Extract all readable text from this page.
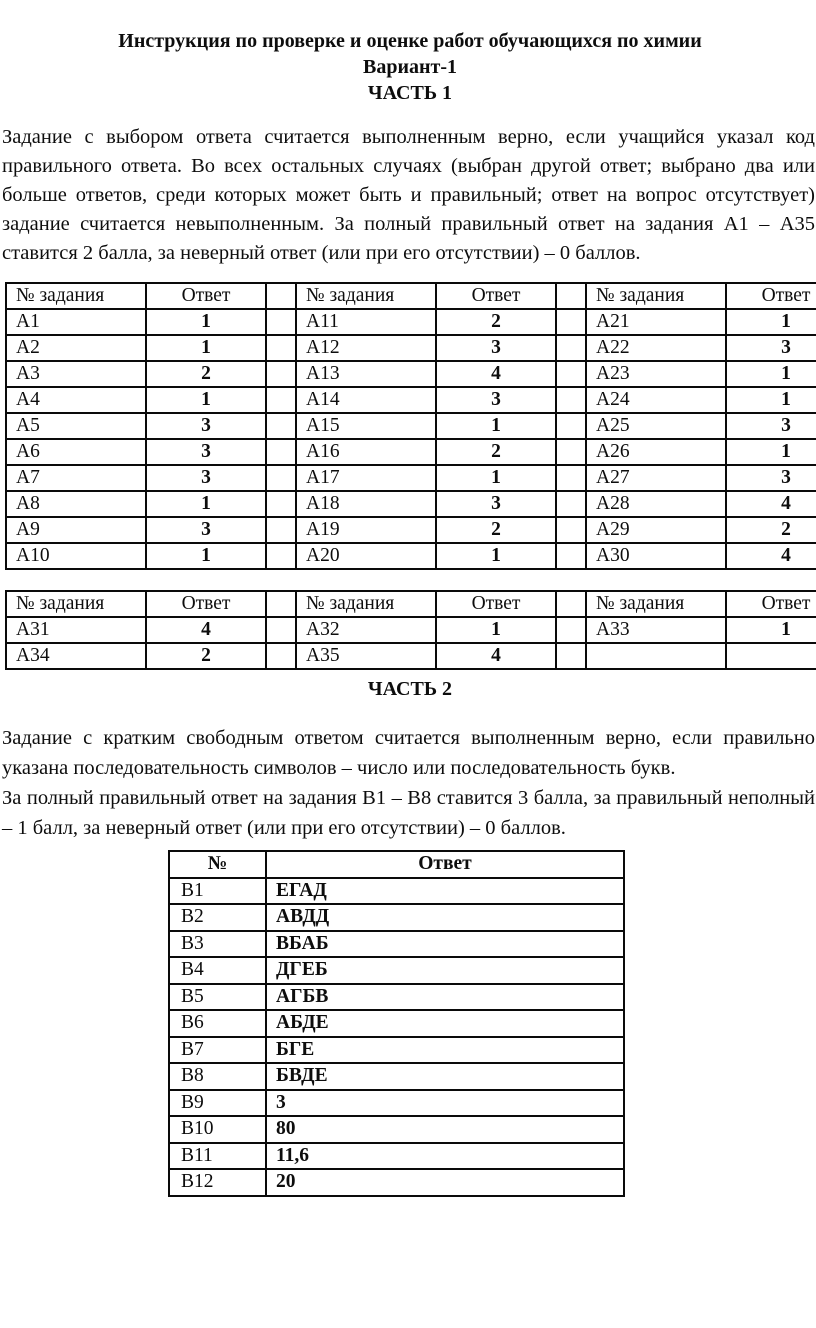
Инструкция по проверке и оценке работ обучающихся по химии
Вариант-1
ЧАСТЬ 1

Задание с выбором ответа считается выполненным верно, если учащийся указал код правильного ответа. Во всех остальных случаях (выбран другой ответ; выбрано два или больше ответов, среди которых может быть и правильный; ответ на вопрос отсутствует) задание считается невыполненным. За полный правильный ответ на задания А1 – А35 ставится 2 балла, за неверный ответ (или при его отсутствии) – 0 баллов.

№ задания	Ответ		№ задания	Ответ		№ задания	Ответ
А1	1		А11	2		А21	1
А2	1		А12	3		А22	3
А3	2		А13	4		А23	1
А4	1		А14	3		А24	1
А5	3		А15	1		А25	3
А6	3		А16	2		А26	1
А7	3		А17	1		А27	3
А8	1		А18	3		А28	4
А9	3		А19	2		А29	2
А10	1		А20	1		А30	4
№ задания	Ответ		№ задания	Ответ		№ задания	Ответ
А31	4		А32	1		А33	1
А34	2		А35	4			
ЧАСТЬ 2

Задание с кратким свободным ответом считается выполненным верно, если правильно указана последовательность символов – число или последовательность букв.

За полный правильный ответ на задания В1 – В8 ставится 3 балла, за правильный неполный – 1 балл, за неверный ответ (или при его отсутствии) – 0 баллов.

№	Ответ
В1	ЕГАД
В2	АВДД
В3	ВБАБ
В4	ДГЕБ
В5	АГБВ
В6	АБДЕ
В7	БГЕ
В8	БВДЕ
В9	3
В10	80
В11	11,6
В12	20
